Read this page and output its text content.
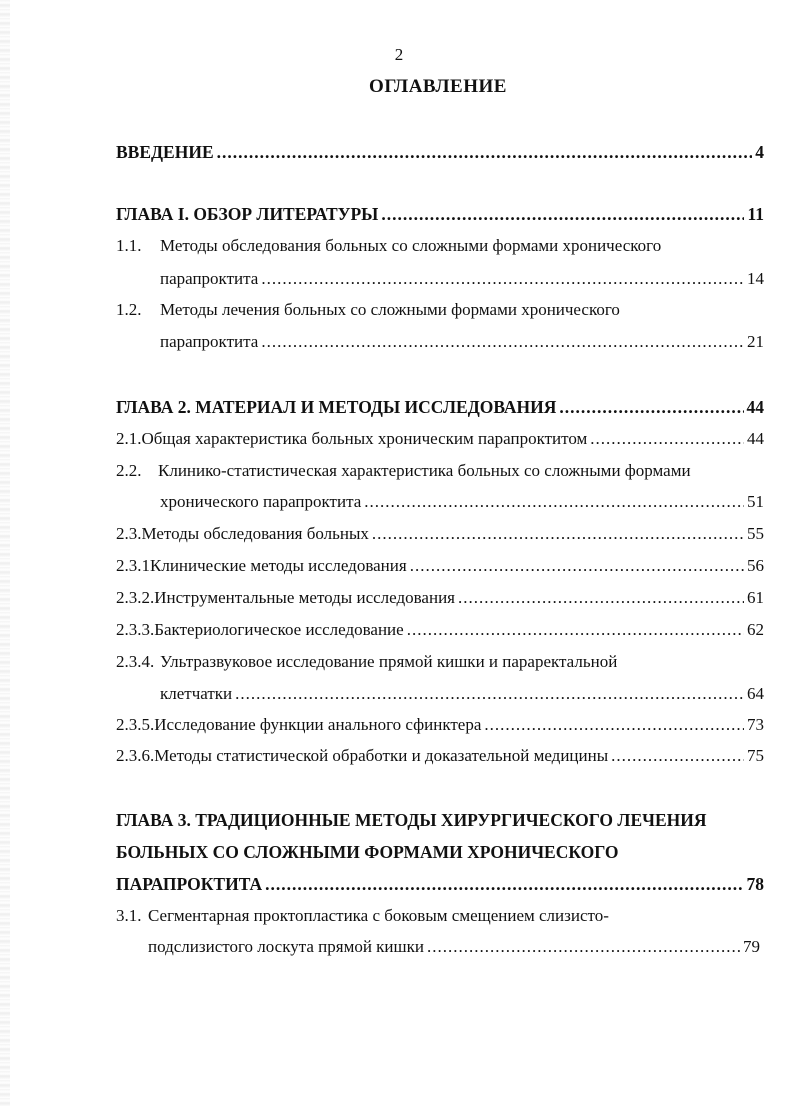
2
ОГЛАВЛЕНИЕ
ВВЕДЕНИЕ .....	4
ГЛАВА I. ОБЗОР ЛИТЕРАТУРЫ .....	11
1.1. Методы обследования больных со сложными формами хронического
парапроктита .....	14
1.2. Методы лечения больных со сложными формами хронического
парапроктита .....	21
ГЛАВА 2. МАТЕРИАЛ И МЕТОДЫ ИССЛЕДОВАНИЯ .....	44
2.1. Общая характеристика больных хроническим парапроктитом .....	44
2.2. Клинико-статистическая характеристика больных со сложными формами
хронического парапроктита .....	51
2.3. Методы обследования больных .....	55
2.3.1 Клинические методы исследования .....	56
2.3.2. Инструментальные методы исследования .....	61
2.3.3. Бактериологическое исследование .....	62
2.3.4. Ультразвуковое исследование прямой кишки и параректальной
клетчатки .....	64
2.3.5. Исследование функции анального сфинктера .....	73
2.3.6. Методы статистической обработки и доказательной медицины .....	75
ГЛАВА 3. ТРАДИЦИОННЫЕ МЕТОДЫ ХИРУРГИЧЕСКОГО ЛЕЧЕНИЯ
БОЛЬНЫХ СО СЛОЖНЫМИ ФОРМАМИ ХРОНИЧЕСКОГО
ПАРАПРОКТИТА .....	78
3.1. Сегментарная проктопластика с боковым смещением слизисто-
подслизистого лоскута прямой кишки .....	79
